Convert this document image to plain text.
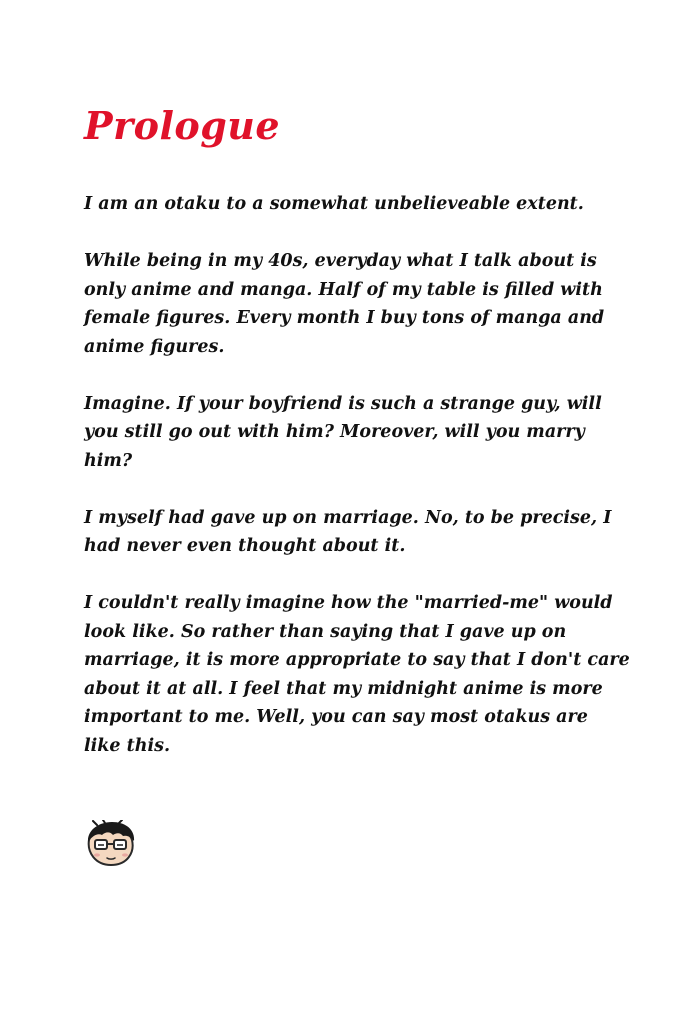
Prologue

I am an otaku to a somewhat unbelieveable extent.

While being in my 40s, everyday what I talk about is
only anime and manga. Half of my table is filled with
female figures. Every month I buy tons of manga and
anime figures.

Imagine. If your boyfriend is such a strange guy, will
you still go out with him? Moreover, will you marry
him?

I myself had gave up on marriage. No, to be precise, I
had never even thought about it.

I couldn't really imagine how the "married-me" would
look like. So rather than saying that I gave up on
marriage, it is more appropriate to say that I don't care
about it at all. I feel that my midnight anime is more
important to me. Well, you can say most otakus are
like this.
